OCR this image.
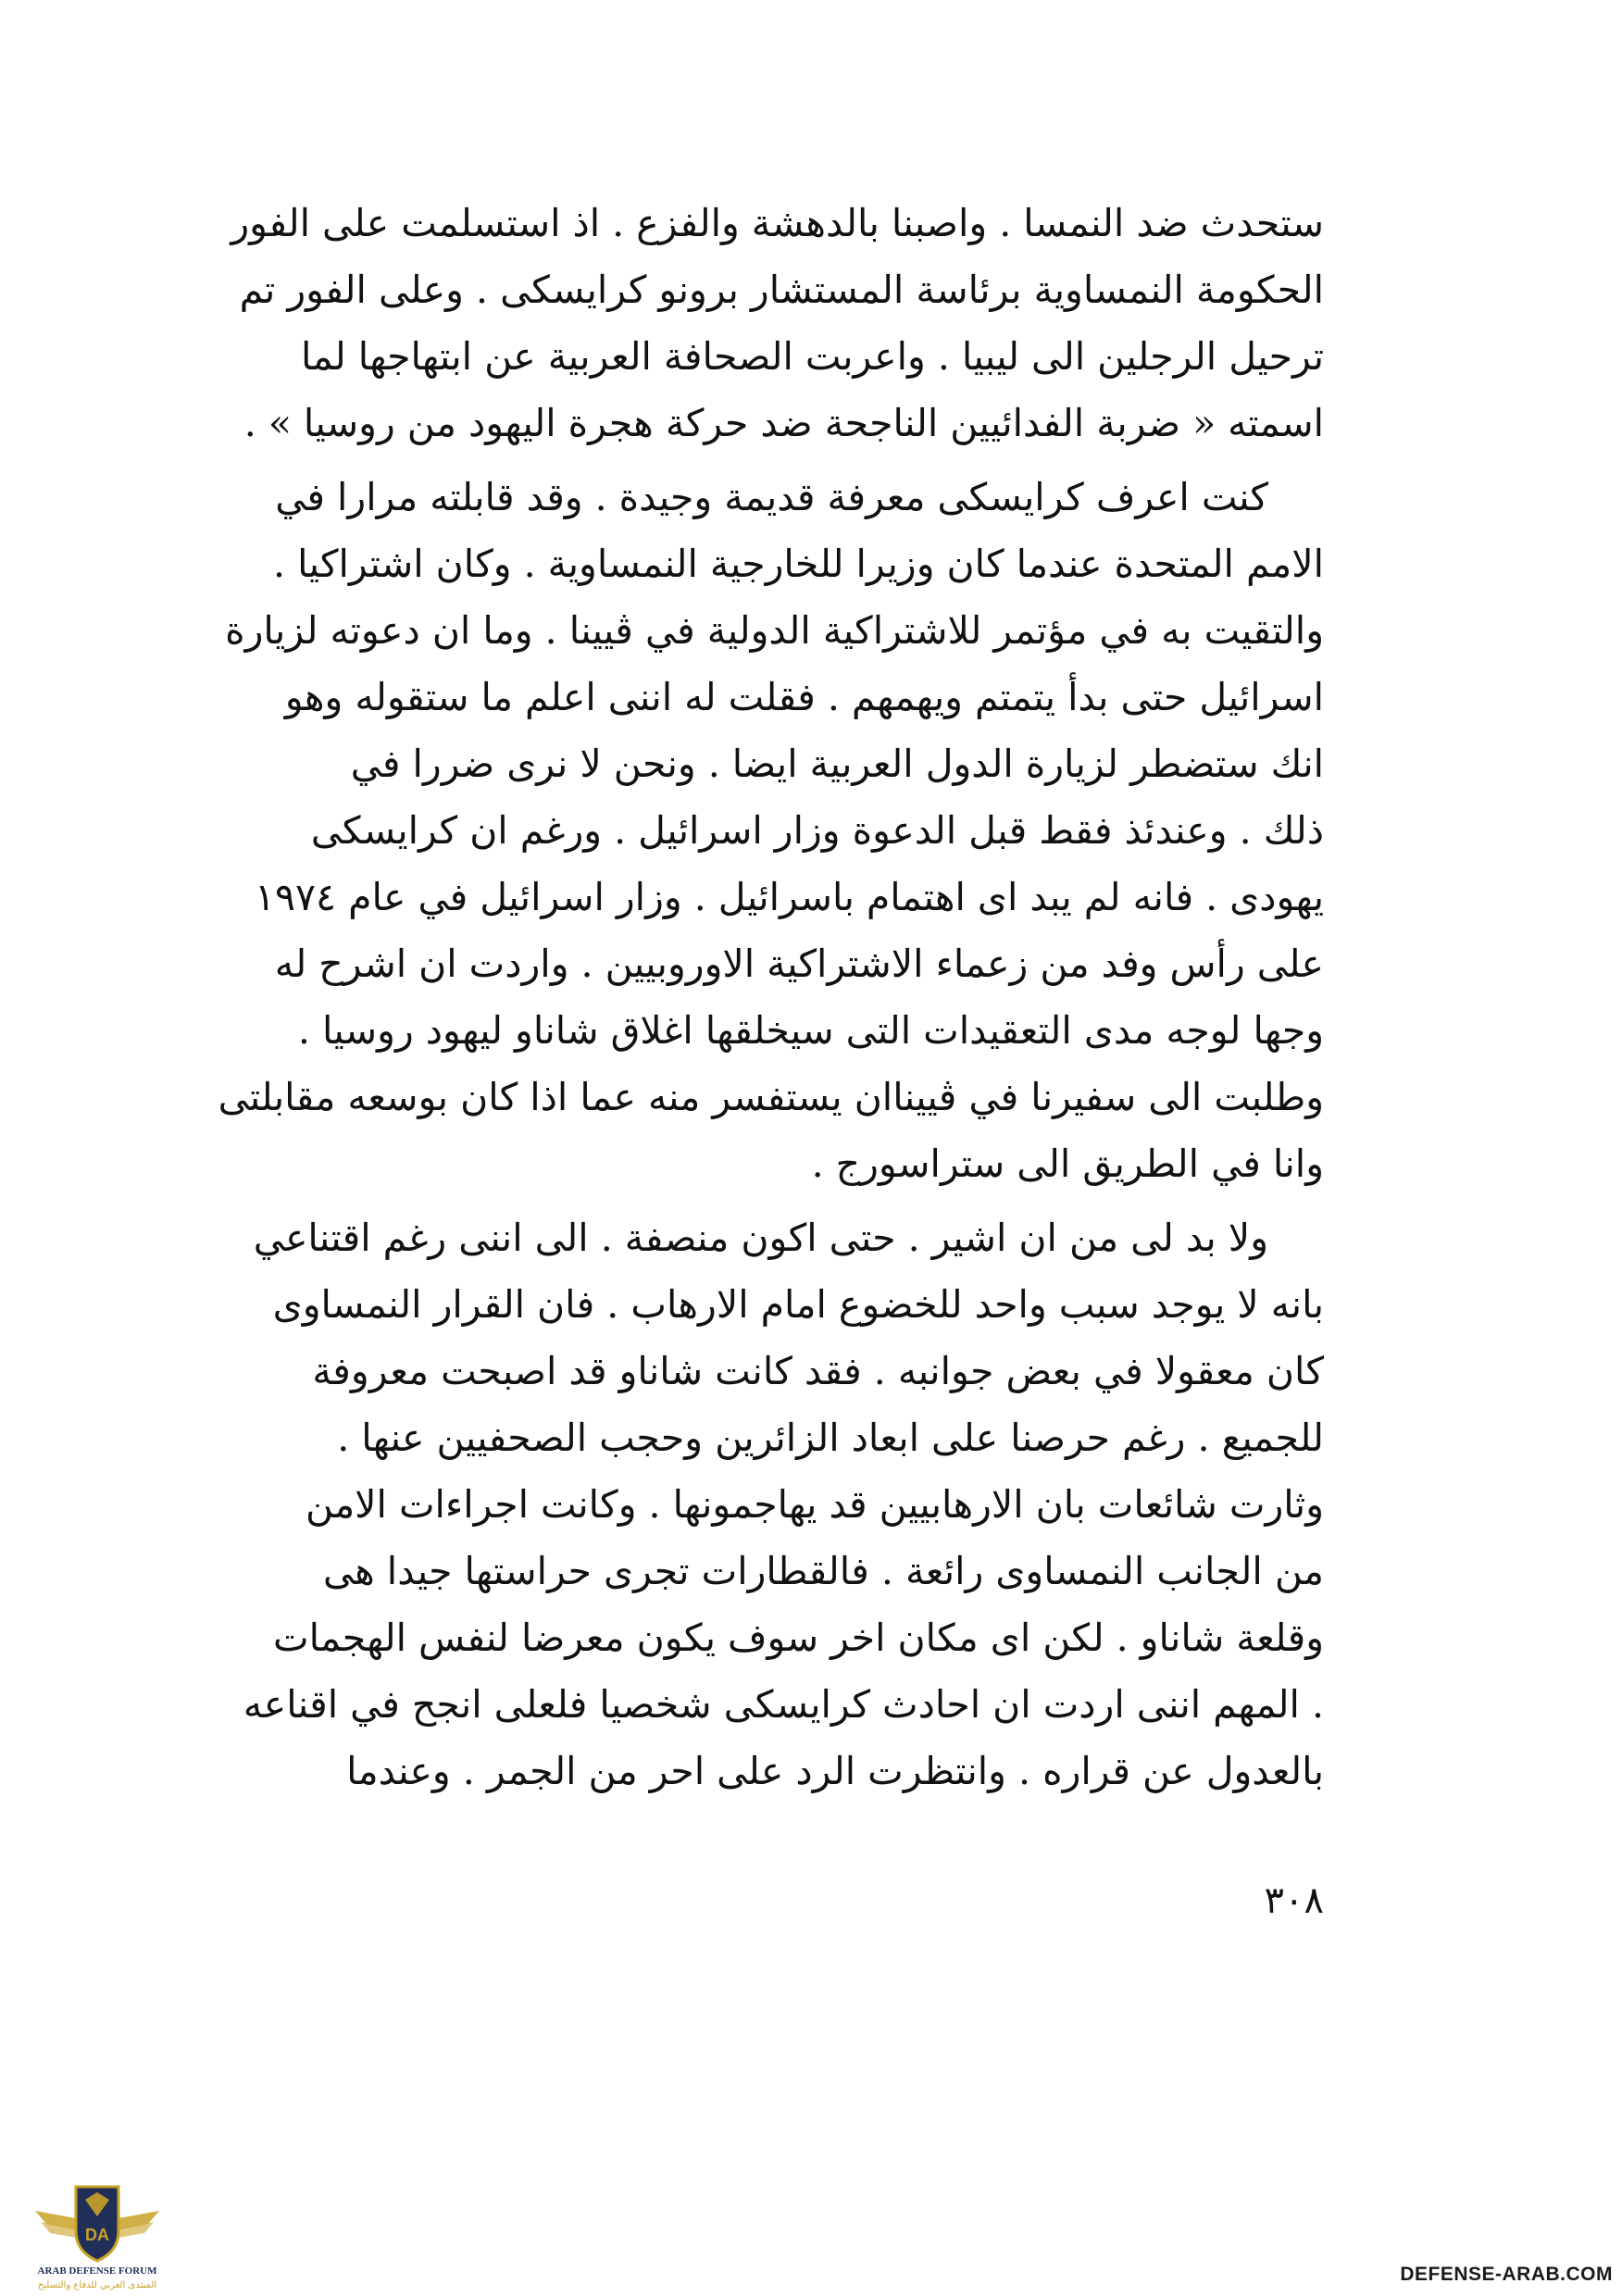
ستحدث ضد النمسا . واصبنا بالدهشة والفزع . اذ استسلمت على الفور
الحكومة النمساوية برئاسة المستشار برونو كرايسكى . وعلى الفور تم
ترحيل الرجلين الى ليبيا . واعربت الصحافة العربية عن ابتهاجها لما
اسمته « ضربة الفدائيين الناجحة ضد حركة هجرة اليهود من روسيا » .

كنت اعرف كرايسكى معرفة قديمة وجيدة . وقد قابلته مرارا في
الامم المتحدة عندما كان وزيرا للخارجية النمساوية . وكان اشتراكيا .
والتقيت به في مؤتمر للاشتراكية الدولية في ڤيينا . وما ان دعوته لزيارة
اسرائيل حتى بدأ يتمتم ويهمهم . فقلت له اننى اعلم ما ستقوله وهو
انك ستضطر لزيارة الدول العربية ايضا . ونحن لا نرى ضررا في
ذلك . وعندئذ فقط قبل الدعوة وزار اسرائيل . ورغم ان كرايسكى
يهودى . فانه لم يبد اى اهتمام باسرائيل . وزار اسرائيل في عام ١٩٧٤
على رأس وفد من زعماء الاشتراكية الاوروبيين . واردت ان اشرح له
وجها لوجه مدى التعقيدات التى سيخلقها اغلاق شاناو ليهود روسيا .
وطلبت الى سفيرنا في ڤييناان يستفسر منه عما اذا كان بوسعه مقابلتى
وانا في الطريق الى ستراسورج .

ولا بد لى من ان اشير . حتى اكون منصفة . الى اننى رغم اقتناعي
بانه لا يوجد سبب واحد للخضوع امام الارهاب . فان القرار النمساوى
كان معقولا في بعض جوانبه . فقد كانت شاناو قد اصبحت معروفة
للجميع . رغم حرصنا على ابعاد الزائرين وحجب الصحفيين عنها .
وثارت شائعات بان الارهابيين قد يهاجمونها . وكانت اجراءات الامن
من الجانب النمساوى رائعة . فالقطارات تجرى حراستها جيدا هى
وقلعة شاناو . لكن اى مكان اخر سوف يكون معرضا لنفس الهجمات
. المهم اننى اردت ان احادث كرايسكى شخصيا فلعلى انجح في اقناعه
بالعدول عن قراره . وانتظرت الرد على احر من الجمر . وعندما

٣٠٨
DA
ARAB DEFENSE FORUM
المنتدى العربي للدفاع والتسليح
DEFENSE-ARAB.COM
